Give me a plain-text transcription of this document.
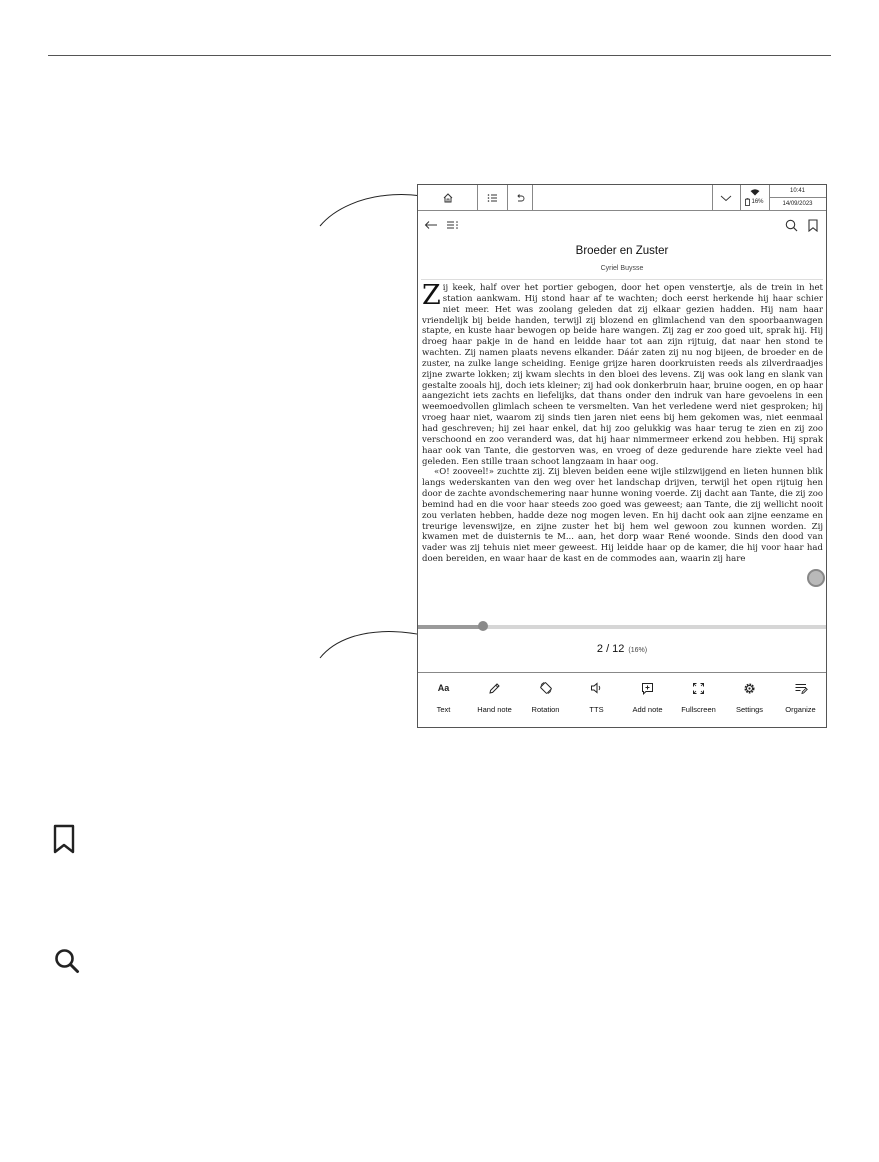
16%
10:41
14/09/2023
Broeder en Zuster
Cyriel Buysse

Zij keek, half over het portier gebogen, door het open venstertje, als de trein in het station aankwam. Hij stond haar af te wachten; doch eerst herkende hij haar schier niet meer. Het was zoolang geleden dat zij elkaar gezien hadden. Hij nam haar vriendelijk bij beide handen, terwijl zij blozend en glimlachend van den spoorbaanwagen stapte, en kuste haar bewogen op beide hare wangen. Zij zag er zoo goed uit, sprak hij. Hij droeg haar pakje in de hand en leidde haar tot aan zijn rijtuig, dat naar hen stond te wachten. Zij namen plaats nevens elkander. Dáár zaten zij nu nog bijeen, de broeder en de zuster, na zulke lange scheiding. Eenige grijze haren doorkruisten reeds als zilverdraadjes zijne zwarte lokken; zij kwam slechts in den bloei des levens. Zij was ook lang en slank van gestalte zooals hij, doch iets kleiner; zij had ook donkerbruin haar, bruine oogen, en op haar aangezicht iets zachts en liefelijks, dat thans onder den indruk van hare gevoelens in een weemoedvollen glimlach scheen te versmelten. Van het verledene werd niet gesproken; hij vroeg haar niet, waarom zij sinds tien jaren niet eens bij hem gekomen was, niet eenmaal had geschreven; hij zei haar enkel, dat hij zoo gelukkig was haar terug te zien en zij zoo verschoond en zoo veranderd was, dat hij haar nimmermeer erkend zou hebben. Hij sprak haar ook van Tante, die gestorven was, en vroeg of deze gedurende hare ziekte veel had geleden. Een stille traan schoot langzaam in haar oog.

«O! zooveel!» zuchtte zij. Zij bleven beiden eene wijle stilzwijgend en lieten hunnen blik langs wederskanten van den weg over het landschap drijven, terwijl het open rijtuig hen door de zachte avondschemering naar hunne woning voerde. Zij dacht aan Tante, die zij zoo bemind had en die voor haar steeds zoo goed was geweest; aan Tante, die zij wellicht nooit zou verlaten hebben, hadde deze nog mogen leven. En hij dacht ook aan zijne eenzame en treurige levenswijze, en zijne zuster het bij hem wel gewoon zou kunnen worden. Zij kwamen met de duisternis te M... aan, het dorp waar René woonde. Sinds den dood van vader was zij tehuis niet meer geweest. Hij leidde haar op de kamer, die hij voor haar had doen bereiden, en waar haar de kast en de commodes aan, waarin zij hare

2 / 12 (16%)
Aa
Text	Hand note	Rotation	TTS	Add note Fullscreen	Settings	Organize
